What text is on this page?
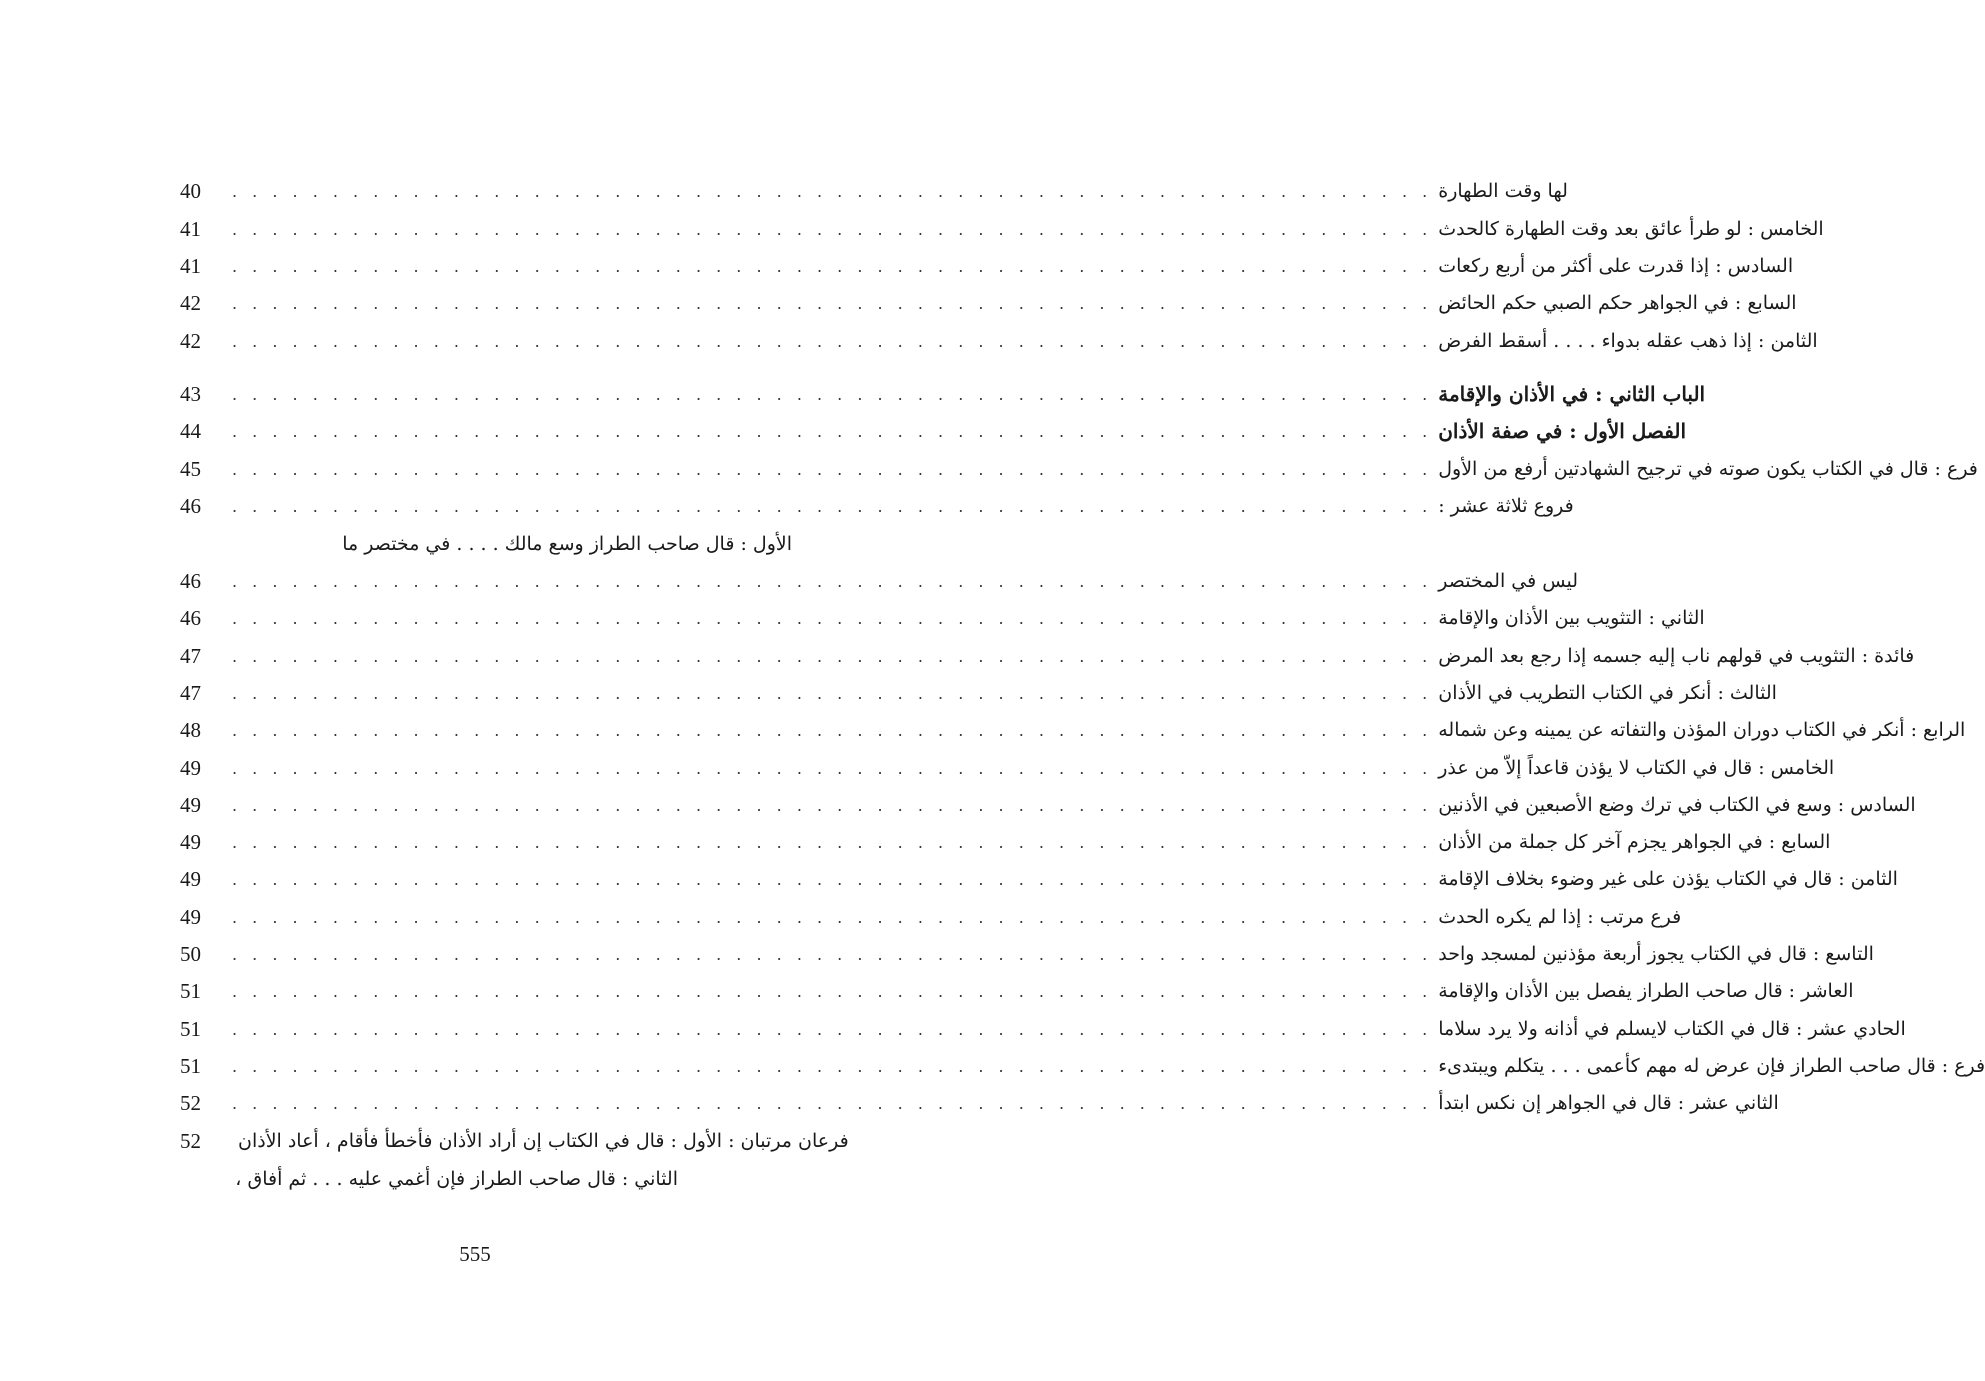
40	. . . . . . . . . . . . . . . . . . . . . . . . . . . . . . . . . . . . . . . . . . . . . . . . . . . . . . . . . . . . لها وقت الطهارة
41	. . . . . . . . . . . . . . . . . . . . . . . . . . . . . . . . . . . . . . . . . . . . . . . . . . . . . . . . . . . . الخامس : لو طرأ عائق بعد وقت الطهارة كالحدث
41	. . . . . . . . . . . . . . . . . . . . . . . . . . . . . . . . . . . . . . . . . . . . . . . . . . . . . . . . . . . . السادس : إذا قدرت على أكثر من أربع ركعات
42	. . . . . . . . . . . . . . . . . . . . . . . . . . . . . . . . . . . . . . . . . . . . . . . . . . . . . . . . . . . . السابع : في الجواهر حكم الصبي حكم الحائض
42	. . . . . . . . . . . . . . . . . . . . . . . . . . . . . . . . . . . . . . . . . . . . . . . . . . . . . . . . . . . . الثامن : إذا ذهب عقله بدواء . . . . أسقط الفرض
43	. . . . . . . . . . . . . . . . . . . . . . . . . . . . . . . . . . . . . . . . . . . . . . . . . . . . . . . . . . . . الباب الثاني : في الأذان والإقامة
44	. . . . . . . . . . . . . . . . . . . . . . . . . . . . . . . . . . . . . . . . . . . . . . . . . . . . . . . . . . . . الفصل الأول : في صفة الأذان
45	. . . . . . . . . . . . . . . . . . . . . . . . . . . . . . . . . . . . . . . . . . . . . . . . . . . . . . . . . . . . فرع : قال في الكتاب يكون صوته في ترجيح الشهادتين أرفع من الأول
46	. . . . . . . . . . . . . . . . . . . . . . . . . . . . . . . . . . . . . . . . . . . . . . . . . . . . . . . . . . . . فروع ثلاثة عشر :
الأول : قال صاحب الطراز وسع مالك . . . . في مختصر ما
46	. . . . . . . . . . . . . . . . . . . . . . . . . . . . . . . . . . . . . . . . . . . . . . . . . . . . . . . . . . . . ليس في المختصر
46	. . . . . . . . . . . . . . . . . . . . . . . . . . . . . . . . . . . . . . . . . . . . . . . . . . . . . . . . . . . . الثاني : التثويب بين الأذان والإقامة
47	. . . . . . . . . . . . . . . . . . . . . . . . . . . . . . . . . . . . . . . . . . . . . . . . . . . . . . . . . . . . فائدة : التثويب في قولهم ناب إليه جسمه إذا رجع بعد المرض
47	. . . . . . . . . . . . . . . . . . . . . . . . . . . . . . . . . . . . . . . . . . . . . . . . . . . . . . . . . . . . الثالث : أنكر في الكتاب التطريب في الأذان
48	. . . . . . . . . . . . . . . . . . . . . . . . . . . . . . . . . . . . . . . . . . . . . . . . . . . . . . . . . . . . الرابع : أنكر في الكتاب دوران المؤذن والتفاته عن يمينه وعن شماله
49	. . . . . . . . . . . . . . . . . . . . . . . . . . . . . . . . . . . . . . . . . . . . . . . . . . . . . . . . . . . . الخامس : قال في الكتاب لا يؤذن قاعداً إلاّ من عذر
49	. . . . . . . . . . . . . . . . . . . . . . . . . . . . . . . . . . . . . . . . . . . . . . . . . . . . . . . . . . . . السادس : وسع في الكتاب في ترك وضع الأصبعين في الأذنين
49	. . . . . . . . . . . . . . . . . . . . . . . . . . . . . . . . . . . . . . . . . . . . . . . . . . . . . . . . . . . . السابع : في الجواهر يجزم آخر كل جملة من الأذان
49	. . . . . . . . . . . . . . . . . . . . . . . . . . . . . . . . . . . . . . . . . . . . . . . . . . . . . . . . . . . . الثامن : قال في الكتاب يؤذن على غير وضوء بخلاف الإقامة
49	. . . . . . . . . . . . . . . . . . . . . . . . . . . . . . . . . . . . . . . . . . . . . . . . . . . . . . . . . . . . فرع مرتب : إذا لم يكره الحدث
50	. . . . . . . . . . . . . . . . . . . . . . . . . . . . . . . . . . . . . . . . . . . . . . . . . . . . . . . . . . . . التاسع : قال في الكتاب يجوز أربعة مؤذنين لمسجد واحد
51	. . . . . . . . . . . . . . . . . . . . . . . . . . . . . . . . . . . . . . . . . . . . . . . . . . . . . . . . . . . . العاشر : قال صاحب الطراز يفصل بين الأذان والإقامة
51	. . . . . . . . . . . . . . . . . . . . . . . . . . . . . . . . . . . . . . . . . . . . . . . . . . . . . . . . . . . . الحادي عشر : قال في الكتاب لايسلم في أذانه ولا يرد سلاما
51	. . . . . . . . . . . . . . . . . . . . . . . . . . . . . . . . . . . . . . . . . . . . . . . . . . . . . . . . . . . . فرع : قال صاحب الطراز فإن عرض له مهم كأعمى . . . يتكلم ويبتدىء
52	. . . . . . . . . . . . . . . . . . . . . . . . . . . . . . . . . . . . . . . . . . . . . . . . . . . . . . . . . . . . الثاني عشر : قال في الجواهر إن نكس ابتدأ
52	فرعان مرتبان : الأول : قال في الكتاب إن أراد الأذان فأخطأ فأقام ، أعاد الأذان
الثاني : قال صاحب الطراز فإن أغمي عليه . . . ثم أفاق ،
555
